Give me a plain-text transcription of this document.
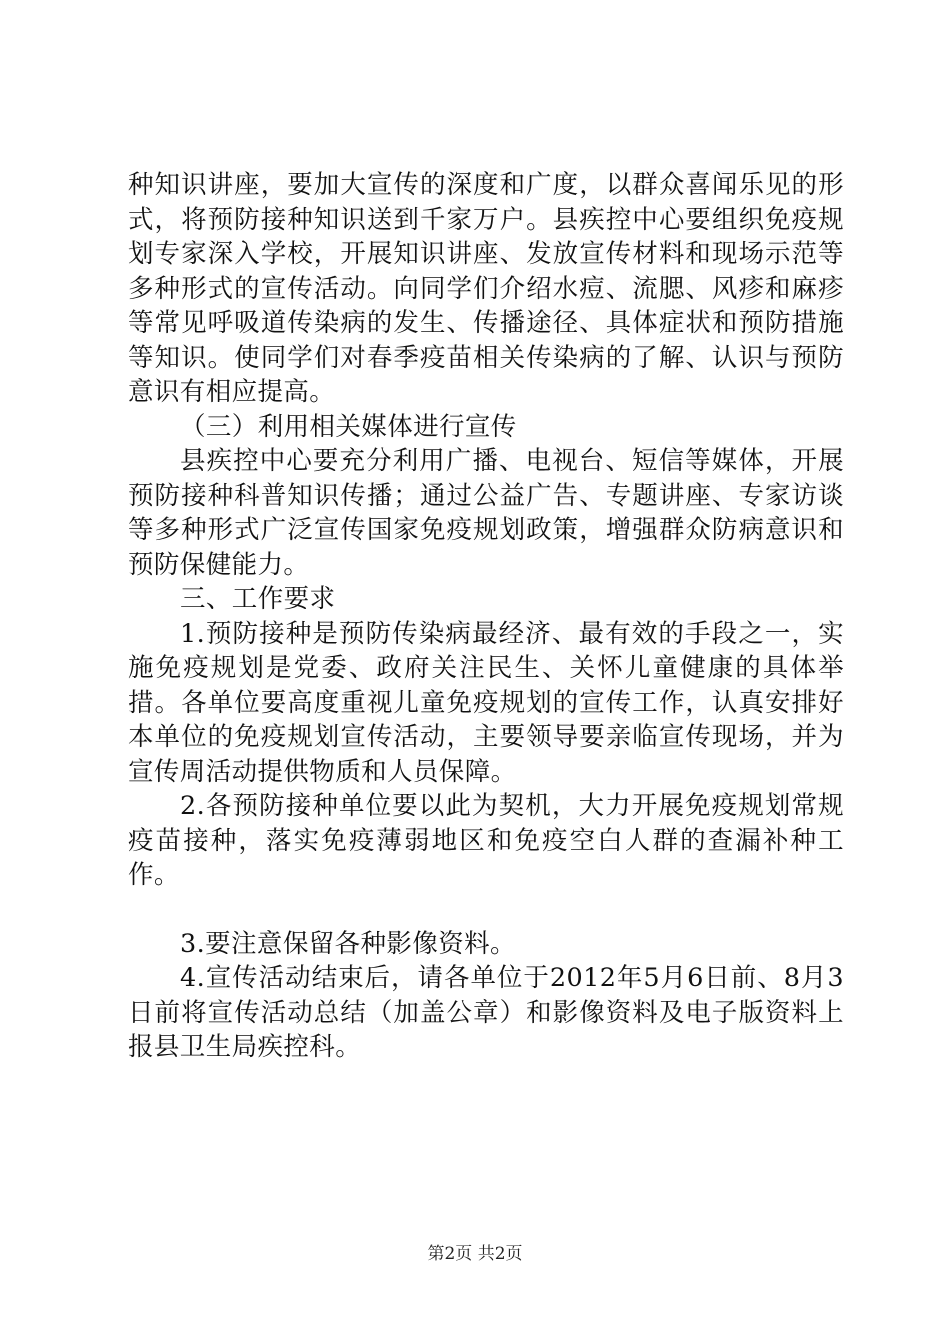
种知识讲座，要加大宣传的深度和广度，以群众喜闻乐见的形式，将预防接种知识送到千家万户。县疾控中心要组织免疫规划专家深入学校，开展知识讲座、发放宣传材料和现场示范等多种形式的宣传活动。向同学们介绍水痘、流腮、风疹和麻疹等常见呼吸道传染病的发生、传播途径、具体症状和预防措施等知识。使同学们对春季疫苗相关传染病的了解、认识与预防意识有相应提高。

（三）利用相关媒体进行宣传

县疾控中心要充分利用广播、电视台、短信等媒体，开展预防接种科普知识传播；通过公益广告、专题讲座、专家访谈等多种形式广泛宣传国家免疫规划政策，增强群众防病意识和预防保健能力。

三、工作要求

1.预防接种是预防传染病最经济、最有效的手段之一，实施免疫规划是党委、政府关注民生、关怀儿童健康的具体举措。各单位要高度重视儿童免疫规划的宣传工作，认真安排好本单位的免疫规划宣传活动，主要领导要亲临宣传现场，并为宣传周活动提供物质和人员保障。

2.各预防接种单位要以此为契机，大力开展免疫规划常规疫苗接种，落实免疫薄弱地区和免疫空白人群的查漏补种工作。

3.要注意保留各种影像资料。

4.宣传活动结束后，请各单位于2012年5月6日前、8月3日前将宣传活动总结（加盖公章）和影像资料及电子版资料上报县卫生局疾控科。

第2页 共2页
